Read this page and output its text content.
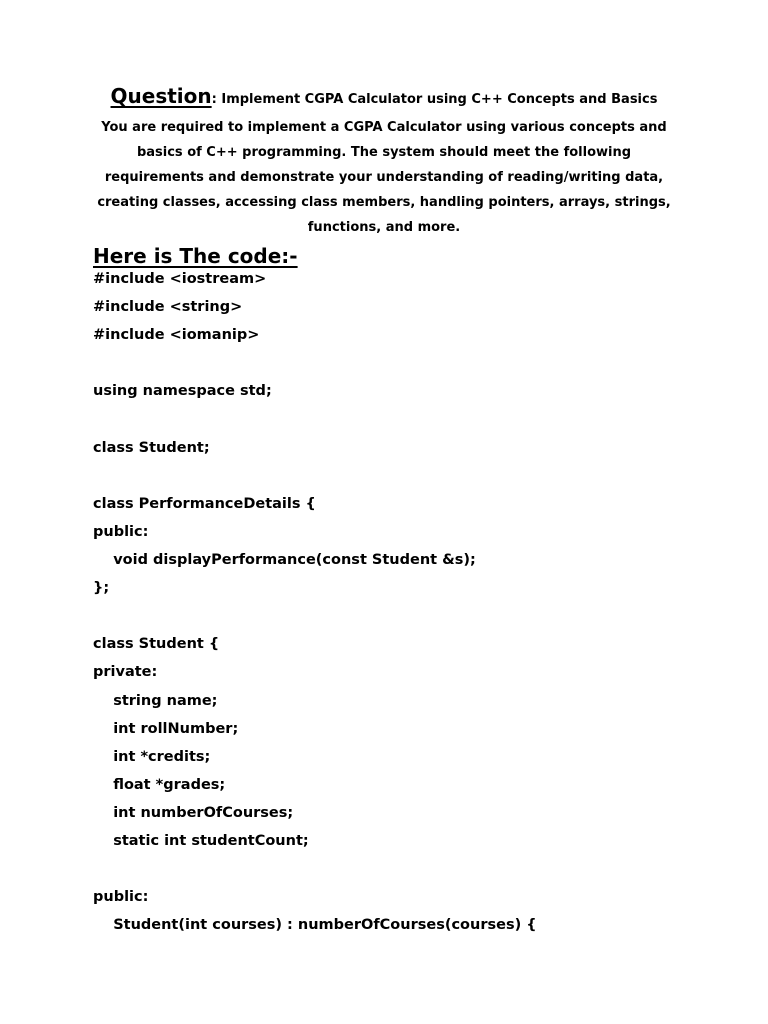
Question: Implement CGPA Calculator using C++ Concepts and Basics
You are required to implement a CGPA Calculator using various concepts and
basics of C++ programming. The system should meet the following
requirements and demonstrate your understanding of reading/writing data,
creating classes, accessing class members, handling pointers, arrays, strings,
functions, and more.
Here is The code:-
#include <iostream>
#include <string>
#include <iomanip>
using namespace std;
class Student;
class PerformanceDetails {
public:
void displayPerformance(const Student &s);
};
class Student {
private:
string name;
int rollNumber;
int *credits;
float *grades;
int numberOfCourses;
static int studentCount;
public:
Student(int courses) : numberOfCourses(courses) {
